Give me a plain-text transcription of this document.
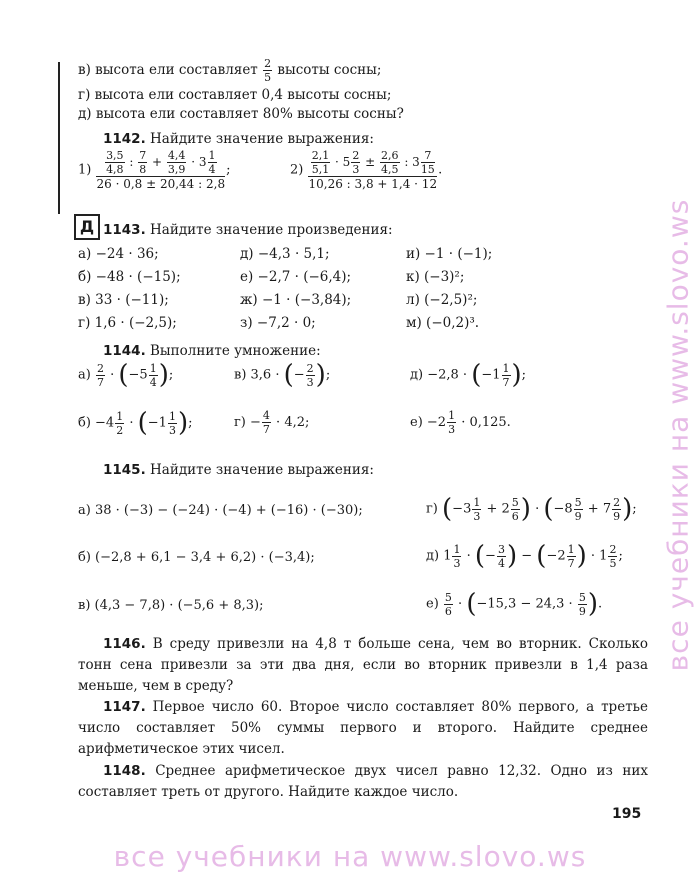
в) высота ели составляет $\frac{2}{5}$ высоты сосны;
г) высота ели составляет 0,4 высоты сосны;
д) высота ели составляет 80% высоты сосны?
1142. Найдите значение выражения:
$1) \frac{\frac{3,5}{4,8} : \frac{7}{8} + \frac{4,4}{3,9} \cdot 3 \frac{1}{4}}{26 \cdot 0,8 \pm 20,44 : 2,8}$ ;	$2) \frac{\frac{2,1}{5,1} \cdot 5 \frac{2}{3} \pm \frac{2,6}{4,5} : 3 \frac{7}{15}}{10,26 : 3,8 + 1,4 \cdot 12}$ .
Д 1143. Найдите значение произведения:
а) −24 · 36;	д) −4,3 · 5,1;	и) −1 · (−1);
б) −48 · (−15);	е) −2,7 · (−6,4);	к) (−3)²;
в) 33 · (−11);	ж) −1 · (−3,84);	л) (−2,5)²;
г) 1,6 · (−2,5);	з) −7,2 · 0;	м) (−0,2)³.
1144. Выполните умножение:
$а) \frac{2}{7} \cdot (-5 \frac{1}{4}$ );	в) 3,6 · (− $\frac{2}{3}$ );	$д) -2,8 \cdot (-1 \frac{1}{7}$ );
$б) -4 \frac{1}{2} \cdot (-1 \frac{1}{3}$ );	$г) - \frac{4}{7} \cdot 4,2$;	$е) -2 \frac{1}{3} \cdot 0,125$.
1145. Найдите значение выражения:
а) 38 · (−3) − (−24) · (−4) + (−16) · (−30);	г) ($-3 \frac{1}{3} + 2 \frac{5}{6}$ ) · ($-8 \frac{5}{9} + 7 \frac{2}{9}$ );
б) (−2,8 + 6,1 − 3,4 + 6,2) · (−3,4);	д) $1 \frac{1}{3}$ · (− $\frac{3}{4}$ ) − ($-2 \frac{1}{7}$ ) · $1 \frac{2}{5}$ ;
в) (4,3 − 7,8) · (−5,6 + 8,3);	$е) \frac{5}{6} \cdot (-15,3 - 24,3 \cdot \frac{5}{9}$ ).
1146. В среду привезли на 4,8 т больше сена, чем во вторник. Сколько тонн сена привезли за эти два дня, если во вторник привезли в 1,4 раза меньше, чем в среду?
1147. Первое число 60. Второе число составляет 80% первого, а третье число составляет 50% суммы первого и второго. Найдите среднее арифметическое этих чисел.
1148. Среднее арифметическое двух чисел равно 12,32. Одно из них составляет треть от другого. Найдите каждое число.
195
все учебники на www.slovo.ws
все учебники на www.slovo.ws
